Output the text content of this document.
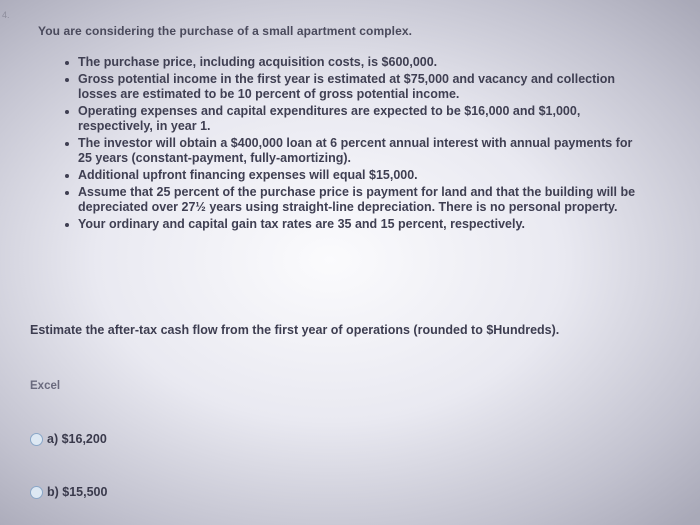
4.
You are considering the purchase of a small apartment complex.
The purchase price, including acquisition costs, is $600,000.
Gross potential income in the first year is estimated at $75,000 and vacancy and collection losses are estimated to be 10 percent of gross potential income.
Operating expenses and capital expenditures are expected to be $16,000 and $1,000, respectively, in year 1.
The investor will obtain a $400,000 loan at 6 percent annual interest with annual payments for 25 years (constant-payment, fully-amortizing).
Additional upfront financing expenses will equal $15,000.
Assume that 25 percent of the purchase price is payment for land and that the building will be depreciated over 27½ years using straight-line depreciation. There is no personal property.
Your ordinary and capital gain tax rates are 35 and 15 percent, respectively.
Estimate the after-tax cash flow from the first year of operations (rounded to $Hundreds).
Excel
a) $16,200
b) $15,500
